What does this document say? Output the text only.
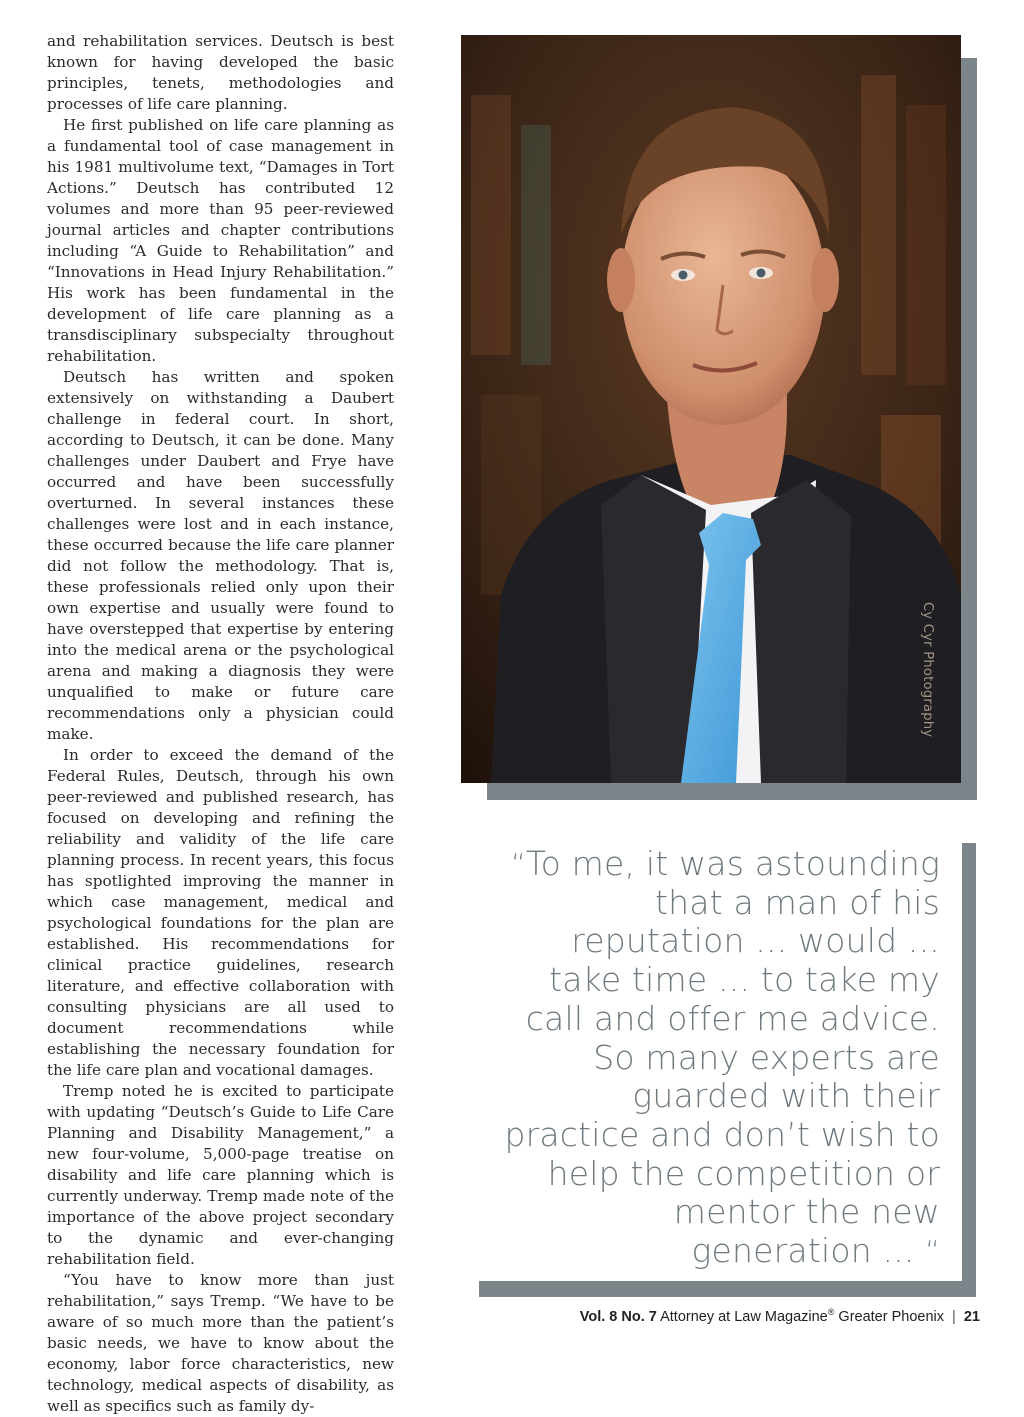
and rehabilitation services. Deutsch is best known for having developed the basic principles, tenets, methodologies and processes of life care planning.

He first published on life care planning as a fundamental tool of case management in his 1981 multivolume text, “Damages in Tort Actions.” Deutsch has contributed 12 volumes and more than 95 peer-reviewed journal articles and chapter contributions including “A Guide to Rehabilitation” and “Innovations in Head Injury Rehabilitation.” His work has been fundamental in the development of life care planning as a transdisciplinary subspecialty throughout rehabilitation.

Deutsch has written and spoken extensively on withstanding a Daubert challenge in federal court. In short, according to Deutsch, it can be done. Many challenges under Daubert and Frye have occurred and have been successfully overturned. In several instances these challenges were lost and in each instance, these occurred because the life care planner did not follow the methodology. That is, these professionals relied only upon their own expertise and usually were found to have overstepped that expertise by entering into the medical arena or the psychological arena and making a diagnosis they were unqualified to make or future care recommendations only a physician could make.

In order to exceed the demand of the Federal Rules, Deutsch, through his own peer-reviewed and published research, has focused on developing and refining the reliability and validity of the life care planning process. In recent years, this focus has spotlighted improving the manner in which case management, medical and psychological foundations for the plan are established. His recommendations for clinical practice guidelines, research literature, and effective collaboration with consulting physicians are all used to document recommendations while establishing the necessary foundation for the life care plan and vocational damages.

Tremp noted he is excited to participate with updating “Deutsch’s Guide to Life Care Planning and Disability Management,” a new four-volume, 5,000-page treatise on disability and life care planning which is currently underway. Tremp made note of the importance of the above project secondary to the dynamic and ever-changing rehabilitation field.

“You have to know more than just rehabilitation,” says Tremp. “We have to be aware of so much more than the patient’s basic needs, we have to know about the economy, labor force characteristics, new technology, medical aspects of disability, as well as specifics such as family dy-

Cy Cyr Photography
“To me, it was astounding that a man of his reputation ... would ... take time ... to take my call and offer me advice. So many experts are guarded with their practice and don’t wish to help the competition or mentor the new generation ... “
Vol. 8 No. 7 Attorney at Law Magazine® Greater Phoenix | 21
